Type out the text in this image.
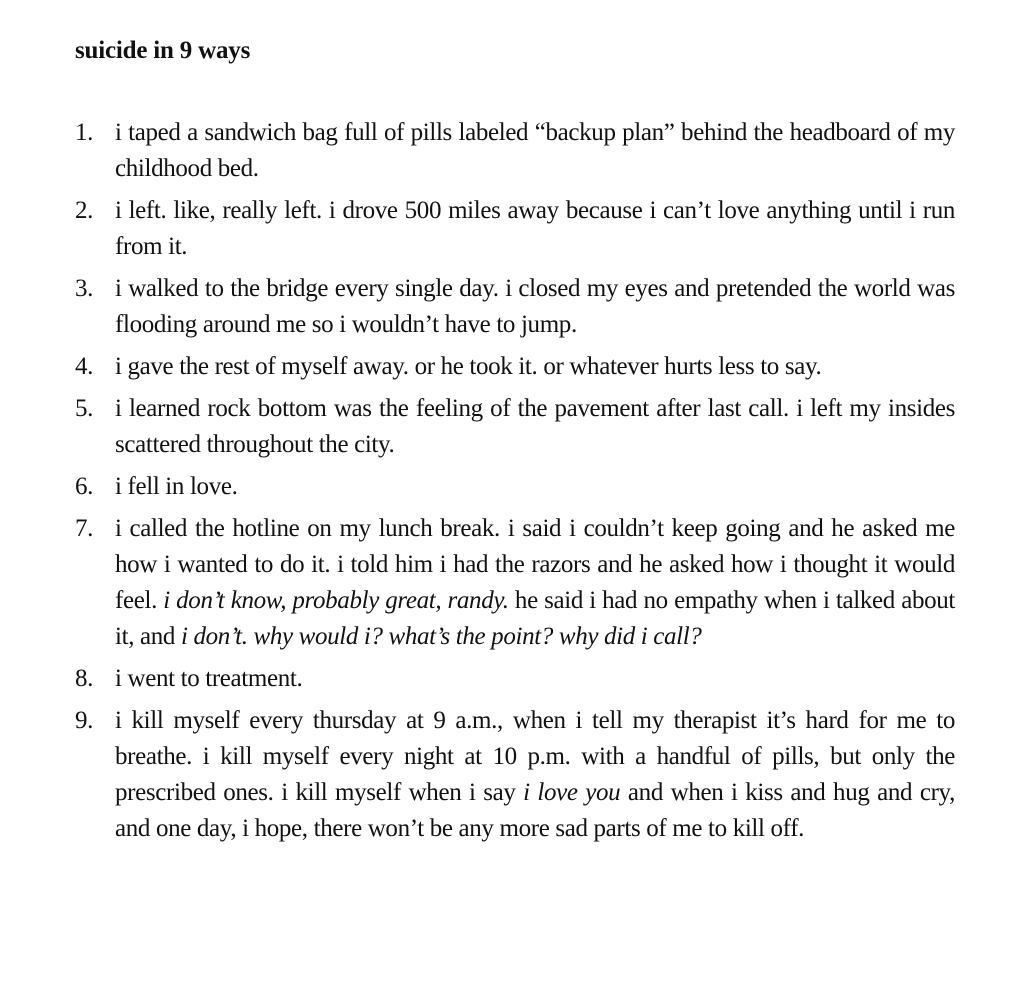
suicide in 9 ways
1. i taped a sandwich bag full of pills labeled “backup plan” behind the headboard of my childhood bed.
2. i left. like, really left. i drove 500 miles away because i can’t love anything until i run from it.
3. i walked to the bridge every single day. i closed my eyes and pretended the world was flooding around me so i wouldn’t have to jump.
4. i gave the rest of myself away. or he took it. or whatever hurts less to say.
5. i learned rock bottom was the feeling of the pavement after last call. i left my insides scattered throughout the city.
6. i fell in love.
7. i called the hotline on my lunch break. i said i couldn’t keep going and he asked me how i wanted to do it. i told him i had the razors and he asked how i thought it would feel. i don’t know, probably great, randy. he said i had no empathy when i talked about it, and i don’t. why would i? what’s the point? why did i call?
8. i went to treatment.
9. i kill myself every thursday at 9 a.m., when i tell my therapist it’s hard for me to breathe. i kill myself every night at 10 p.m. with a handful of pills, but only the prescribed ones. i kill myself when i say i love you and when i kiss and hug and cry, and one day, i hope, there won’t be any more sad parts of me to kill off.
